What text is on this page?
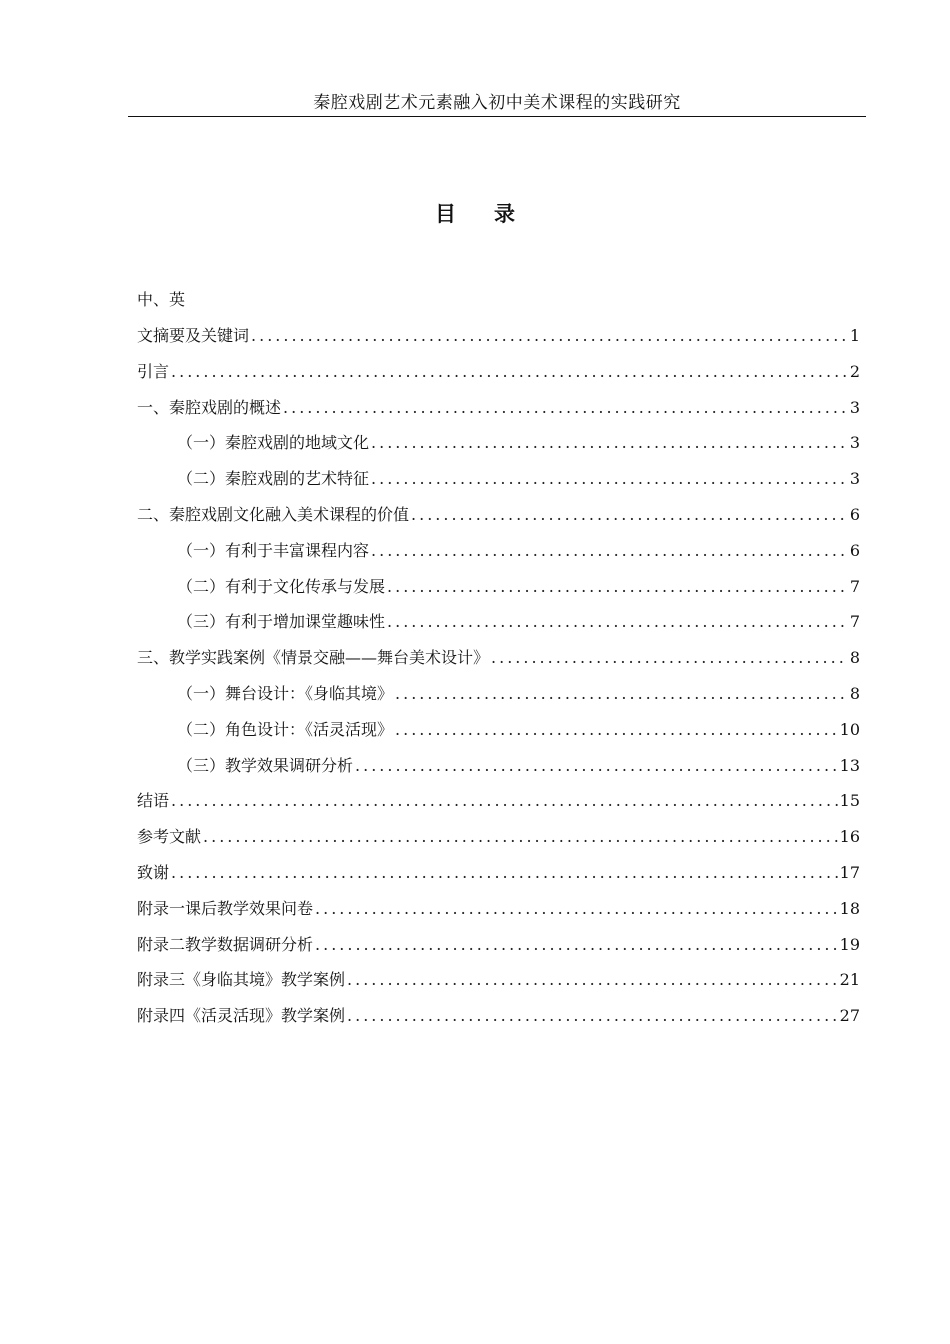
秦腔戏剧艺术元素融入初中美术课程的实践研究
目录
中、英
文摘要及关键词 .....	1
引言 .....	2
一、秦腔戏剧的概述 .....	3
（一）秦腔戏剧的地域文化 .....	3
（二）秦腔戏剧的艺术特征 .....	3
二、秦腔戏剧文化融入美术课程的价值 .....	6
（一）有利于丰富课程内容 .....	6
（二）有利于文化传承与发展 .....	7
（三）有利于增加课堂趣味性 .....	7
三、教学实践案例《情景交融——舞台美术设计》 .....	8
（一）舞台设计：《身临其境》 .....	8
（二）角色设计：《活灵活现》 .....	10
（三）教学效果调研分析 .....	13
结语 .....	15
参考文献 .....	16
致谢 .....	17
附录一课后教学效果问卷 .....	18
附录二教学数据调研分析 .....	19
附录三《身临其境》教学案例 .....	21
附录四《活灵活现》教学案例 .....	27
